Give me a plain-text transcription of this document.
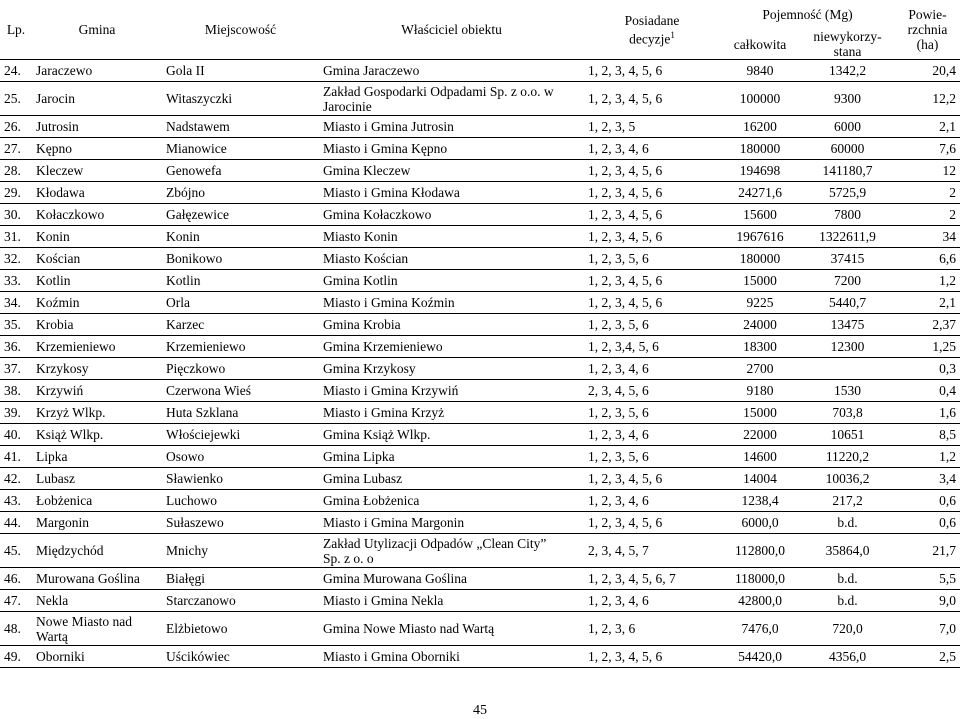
Lp.	Gmina	Miejscowość	Właściciel obiektu	Posiadane
decyzje$^1$	Pojemność (Mg)		Powie-
rzchnia
(ha)
					całkowita	niewykorzy-
stana	
24.	Jaraczewo	Gola II	Gmina Jaraczewo	1, 2, 3, 4, 5, 6	9840	1342,2	20,4
25.	Jarocin	Witaszyczki	Zakład Gospodarki Odpadami Sp. z o.o. w
Jarocinie	1, 2, 3, 4, 5, 6	100000	9300	12,2
26.	Jutrosin	Nadstawem	Miasto i Gmina Jutrosin	1, 2, 3, 5	16200	6000	2,1
27.	Kępno	Mianowice	Miasto i Gmina Kępno	1, 2, 3, 4, 6	180000	60000	7,6
28.	Kleczew	Genowefa	Gmina Kleczew	1, 2, 3, 4, 5, 6	194698	141180,7	12
29.	Kłodawa	Zbójno	Miasto i Gmina Kłodawa	1, 2, 3, 4, 5, 6	24271,6	5725,9	2
30.	Kołaczkowo	Gałęzewice	Gmina Kołaczkowo	1, 2, 3, 4, 5, 6	15600	7800	2
31.	Konin	Konin	Miasto Konin	1, 2, 3, 4, 5, 6	1967616	1322611,9	34
32.	Kościan	Bonikowo	Miasto Kościan	1, 2, 3, 5, 6	180000	37415	6,6
33.	Kotlin	Kotlin	Gmina Kotlin	1, 2, 3, 4, 5, 6	15000	7200	1,2
34.	Koźmin	Orla	Miasto i Gmina Koźmin	1, 2, 3, 4, 5, 6	9225	5440,7	2,1
35.	Krobia	Karzec	Gmina Krobia	1, 2, 3, 5, 6	24000	13475	2,37
36.	Krzemieniewo	Krzemieniewo	Gmina Krzemieniewo	1, 2, 3,4, 5, 6	18300	12300	1,25
37.	Krzykosy	Pięczkowo	Gmina Krzykosy	1, 2, 3, 4, 6	2700		0,3
38.	Krzywiń	Czerwona Wieś	Miasto i Gmina Krzywiń	2, 3, 4, 5, 6	9180	1530	0,4
39.	Krzyż Wlkp.	Huta Szklana	Miasto i Gmina Krzyż	1, 2, 3, 5, 6	15000	703,8	1,6
40.	Książ Wlkp.	Włościejewki	Gmina Książ Wlkp.	1, 2, 3, 4, 6	22000	10651	8,5
41.	Lipka	Osowo	Gmina Lipka	1, 2, 3, 5, 6	14600	11220,2	1,2
42.	Lubasz	Sławienko	Gmina Lubasz	1, 2, 3, 4, 5, 6	14004	10036,2	3,4
43.	Łobżenica	Luchowo	Gmina Łobżenica	1, 2, 3, 4, 6	1238,4	217,2	0,6
44.	Margonin	Sułaszewo	Miasto i Gmina Margonin	1, 2, 3, 4, 5, 6	6000,0	b.d.	0,6
45.	Międzychód	Mnichy	Zakład Utylizacji Odpadów „Clean City”
Sp. z o. o	2, 3, 4, 5, 7	112800,0	35864,0	21,7
46.	Murowana Goślina	Białęgi	Gmina Murowana Goślina	1, 2, 3, 4, 5, 6, 7	118000,0	b.d.	5,5
47.	Nekla	Starczanowo	Miasto i Gmina Nekla	1, 2, 3, 4, 6	42800,0	b.d.	9,0
48.	Nowe Miasto nad
Wartą	Elżbietowo	Gmina Nowe Miasto nad Wartą	1, 2, 3, 6	7476,0	720,0	7,0
49.	Oborniki	Uścikówiec	Miasto i Gmina Oborniki	1, 2, 3, 4, 5, 6	54420,0	4356,0	2,5
45
